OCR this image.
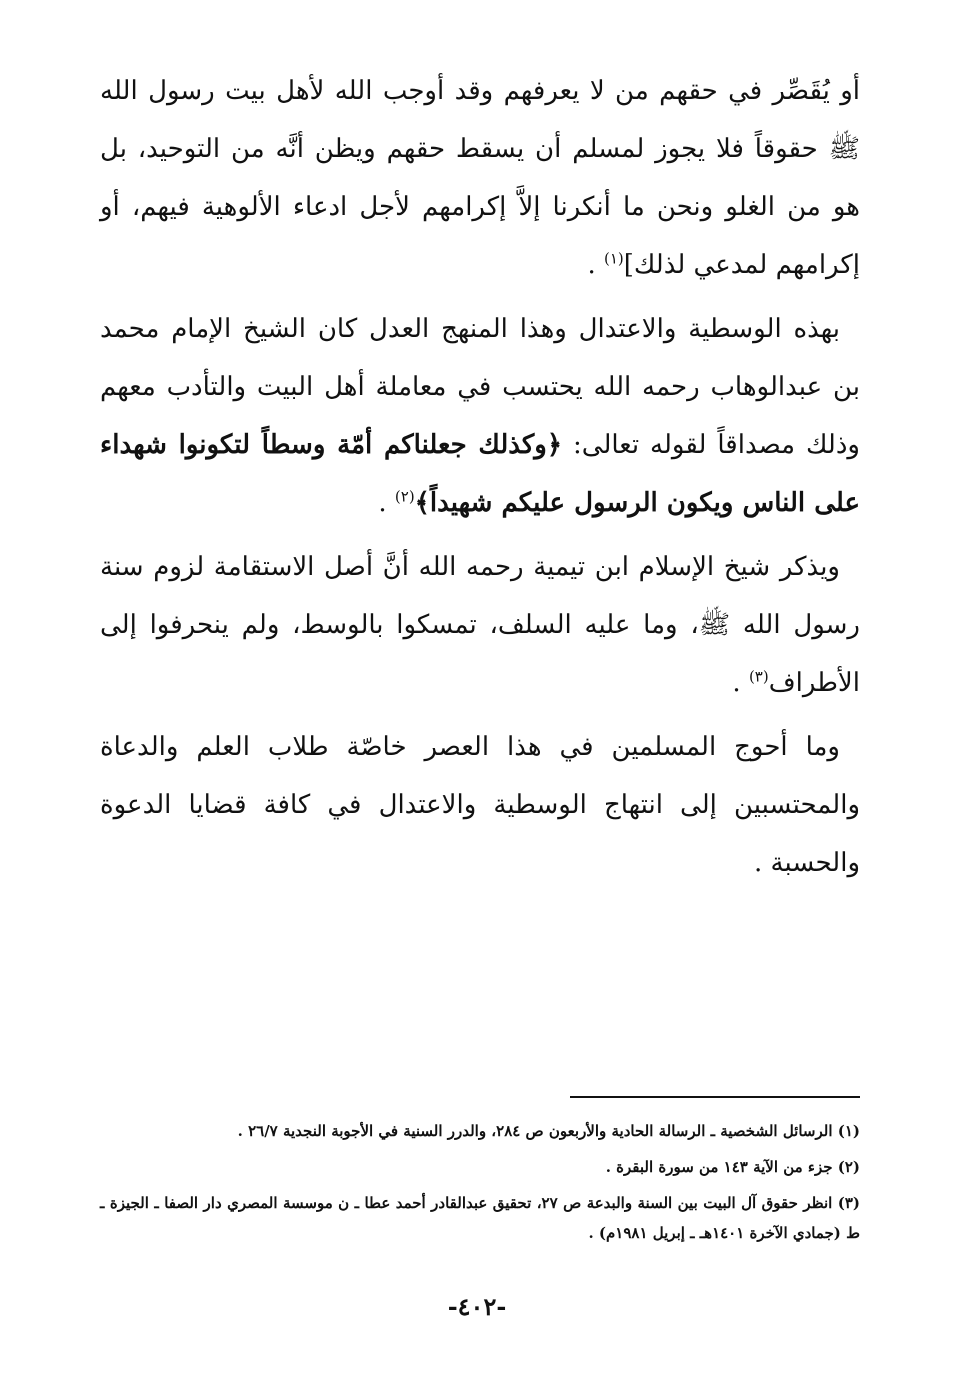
أو يُقَصِّر في حقهم من لا يعرفهم وقد أوجب الله لأهل بيت رسول الله ﷺ حقوقاً فلا يجوز لمسلم أن يسقط حقهم ويظن أنَّه من التوحيد، بل هو من الغلو ونحن ما أنكرنا إلاَّ إكرامهم لأجل ادعاء الألوهية فيهم، أو إكرامهم لمدعي لذلك]$^{(١)}$ .

بهذه الوسطية والاعتدال وهذا المنهج العدل كان الشيخ الإمام محمد بن عبدالوهاب رحمه الله يحتسب في معاملة أهل البيت والتأدب معهم وذلك مصداقاً لقوله تعالى: ﴿وكذلك جعلناكم أمّة وسطاً لتكونوا شهداء على الناس ويكون الرسول عليكم شهيداً﴾$^{(٢)}$ .

ويذكر شيخ الإسلام ابن تيمية رحمه الله أنَّ أصل الاستقامة لزوم سنة رسول الله ﷺ، وما عليه السلف، تمسكوا بالوسط، ولم ينحرفوا إلى الأطراف$^{(٣)}$ .

وما أحوج المسلمين في هذا العصر خاصّة طلاب العلم والدعاة والمحتسبين إلى انتهاج الوسطية والاعتدال في كافة قضايا الدعوة والحسبة .

(١) الرسائل الشخصية ـ الرسالة الحادية والأربعون ص ٢٨٤، والدرر السنية في الأجوبة النجدية ٢٦/٧ .

(٢) جزء من الآية ١٤٣ من سورة البقرة .

(٣) انظر حقوق آل البيت بين السنة والبدعة ص ٢٧، تحقيق عبدالقادر أحمد عطا ـ ن موسسة المصري دار الصفا ـ الجيزة ـ ط (جمادي الآخرة ١٤٠١هـ ـ إبريل ١٩٨١م) .

-٤٠٢-
